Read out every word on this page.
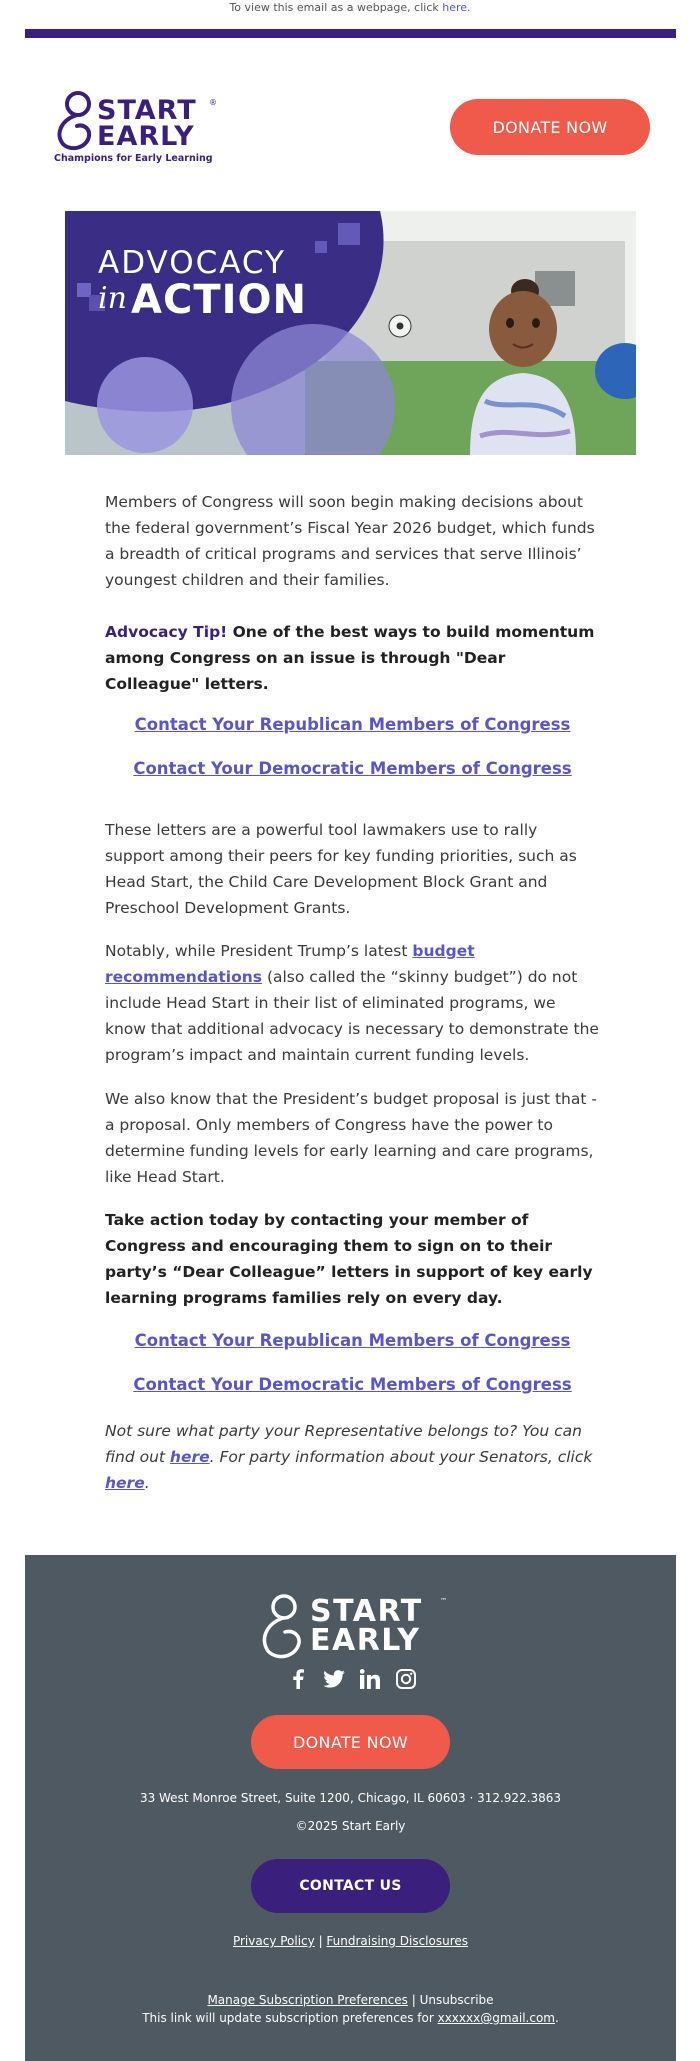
To view this email as a webpage, click here.
START ®
EARLY
Champions for Early Learning
DONATE NOW
ADVOCACY
in ACTION

Members of Congress will soon begin making decisions about the federal government’s Fiscal Year 2026 budget, which funds a breadth of critical programs and services that serve Illinois’ youngest children and their families.

Advocacy Tip! One of the best ways to build momentum among Congress on an issue is through "Dear Colleague" letters.

Contact Your Republican Members of Congress
Contact Your Democratic Members of Congress

These letters are a powerful tool lawmakers use to rally support among their peers for key funding priorities, such as Head Start, the Child Care Development Block Grant and Preschool Development Grants.

Notably, while President Trump’s latest budget recommendations (also called the “skinny budget”) do not include Head Start in their list of eliminated programs, we know that additional advocacy is necessary to demonstrate the program’s impact and maintain current funding levels.

We also know that the President’s budget proposal is just that - a proposal. Only members of Congress have the power to determine funding levels for early learning and care programs, like Head Start.

Take action today by contacting your member of Congress and encouraging them to sign on to their party’s “Dear Colleague” letters in support of key early learning programs families rely on every day.

Contact Your Republican Members of Congress
Contact Your Democratic Members of Congress

Not sure what party your Representative belongs to? You can find out here. For party information about your Senators, click here.

START ™
EARLY
DONATE NOW
33 West Monroe Street, Suite 1200, Chicago, IL 60603 · 312.922.3863
©2025 Start Early
CONTACT US
Privacy Policy | Fundraising Disclosures
Manage Subscription Preferences | Unsubscribe
This link will update subscription preferences for xxxxxx@gmail.com.
